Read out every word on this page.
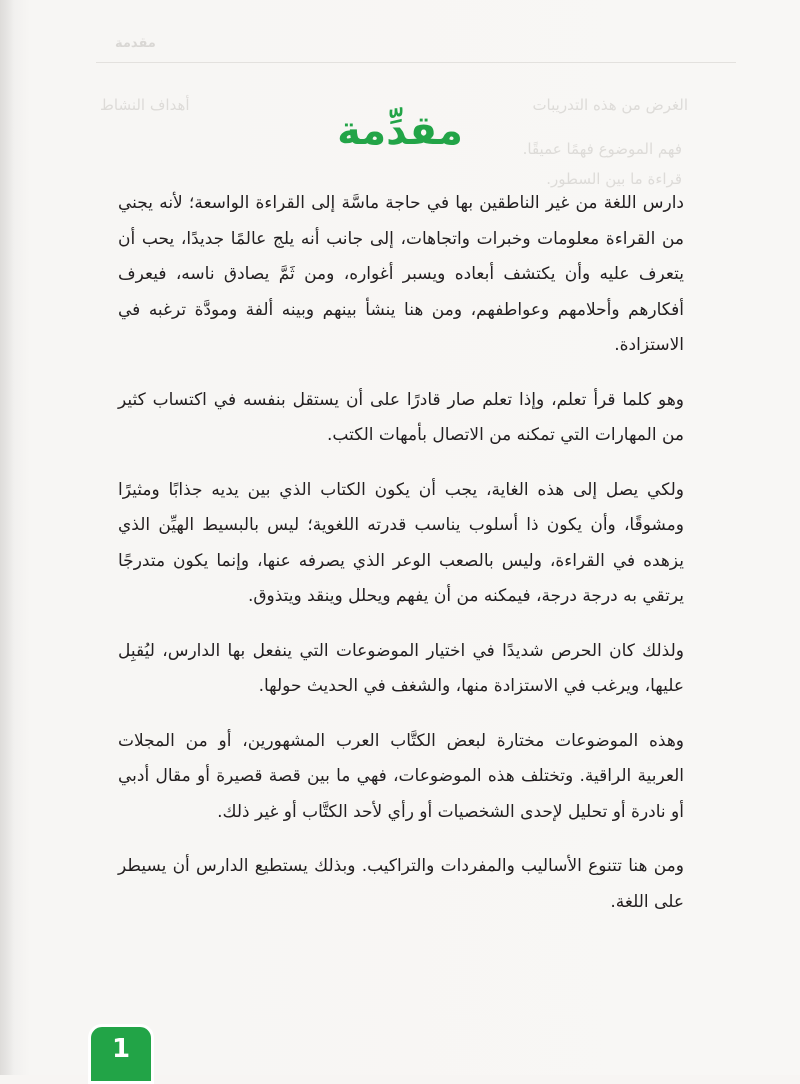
مقدمة
الغرض من هذه التدريبات
أهداف النشاط
فهم الموضوع فهمًا عميقًا.
قراءة ما بين السطور.
مقدِّمة

دارس اللغة من غير الناطقين بها في حاجة ماسَّة إلى القراءة الواسعة؛ لأنه يجني من القراءة معلومات وخبرات واتجاهات، إلى جانب أنه يلج عالمًا جديدًا، يحب أن يتعرف عليه وأن يكتشف أبعاده ويسبر أغواره، ومن ثَمَّ يصادق ناسه، فيعرف أفكارهم وأحلامهم وعواطفهم، ومن هنا ينشأ بينهم وبينه ألفة ومودَّة ترغبه في الاستزادة.

وهو كلما قرأ تعلم، وإذا تعلم صار قادرًا على أن يستقل بنفسه في اكتساب كثير من المهارات التي تمكنه من الاتصال بأمهات الكتب.

ولكي يصل إلى هذه الغاية، يجب أن يكون الكتاب الذي بين يديه جذابًا ومثيرًا ومشوقًا، وأن يكون ذا أسلوب يناسب قدرته اللغوية؛ ليس بالبسيط الهيِّن الذي يزهده في القراءة، وليس بالصعب الوعر الذي يصرفه عنها، وإنما يكون متدرجًا يرتقي به درجة درجة، فيمكنه من أن يفهم ويحلل وينقد ويتذوق.

ولذلك كان الحرص شديدًا في اختيار الموضوعات التي ينفعل بها الدارس، ليُقبِل عليها، ويرغب في الاستزادة منها، والشغف في الحديث حولها.

وهذه الموضوعات مختارة لبعض الكتَّاب العرب المشهورين، أو من المجلات العربية الراقية. وتختلف هذه الموضوعات، فهي ما بين قصة قصيرة أو مقال أدبي أو نادرة أو تحليل لإحدى الشخصيات أو رأي لأحد الكتَّاب أو غير ذلك.

ومن هنا تتنوع الأساليب والمفردات والتراكيب. وبذلك يستطيع الدارس أن يسيطر على اللغة.

1
